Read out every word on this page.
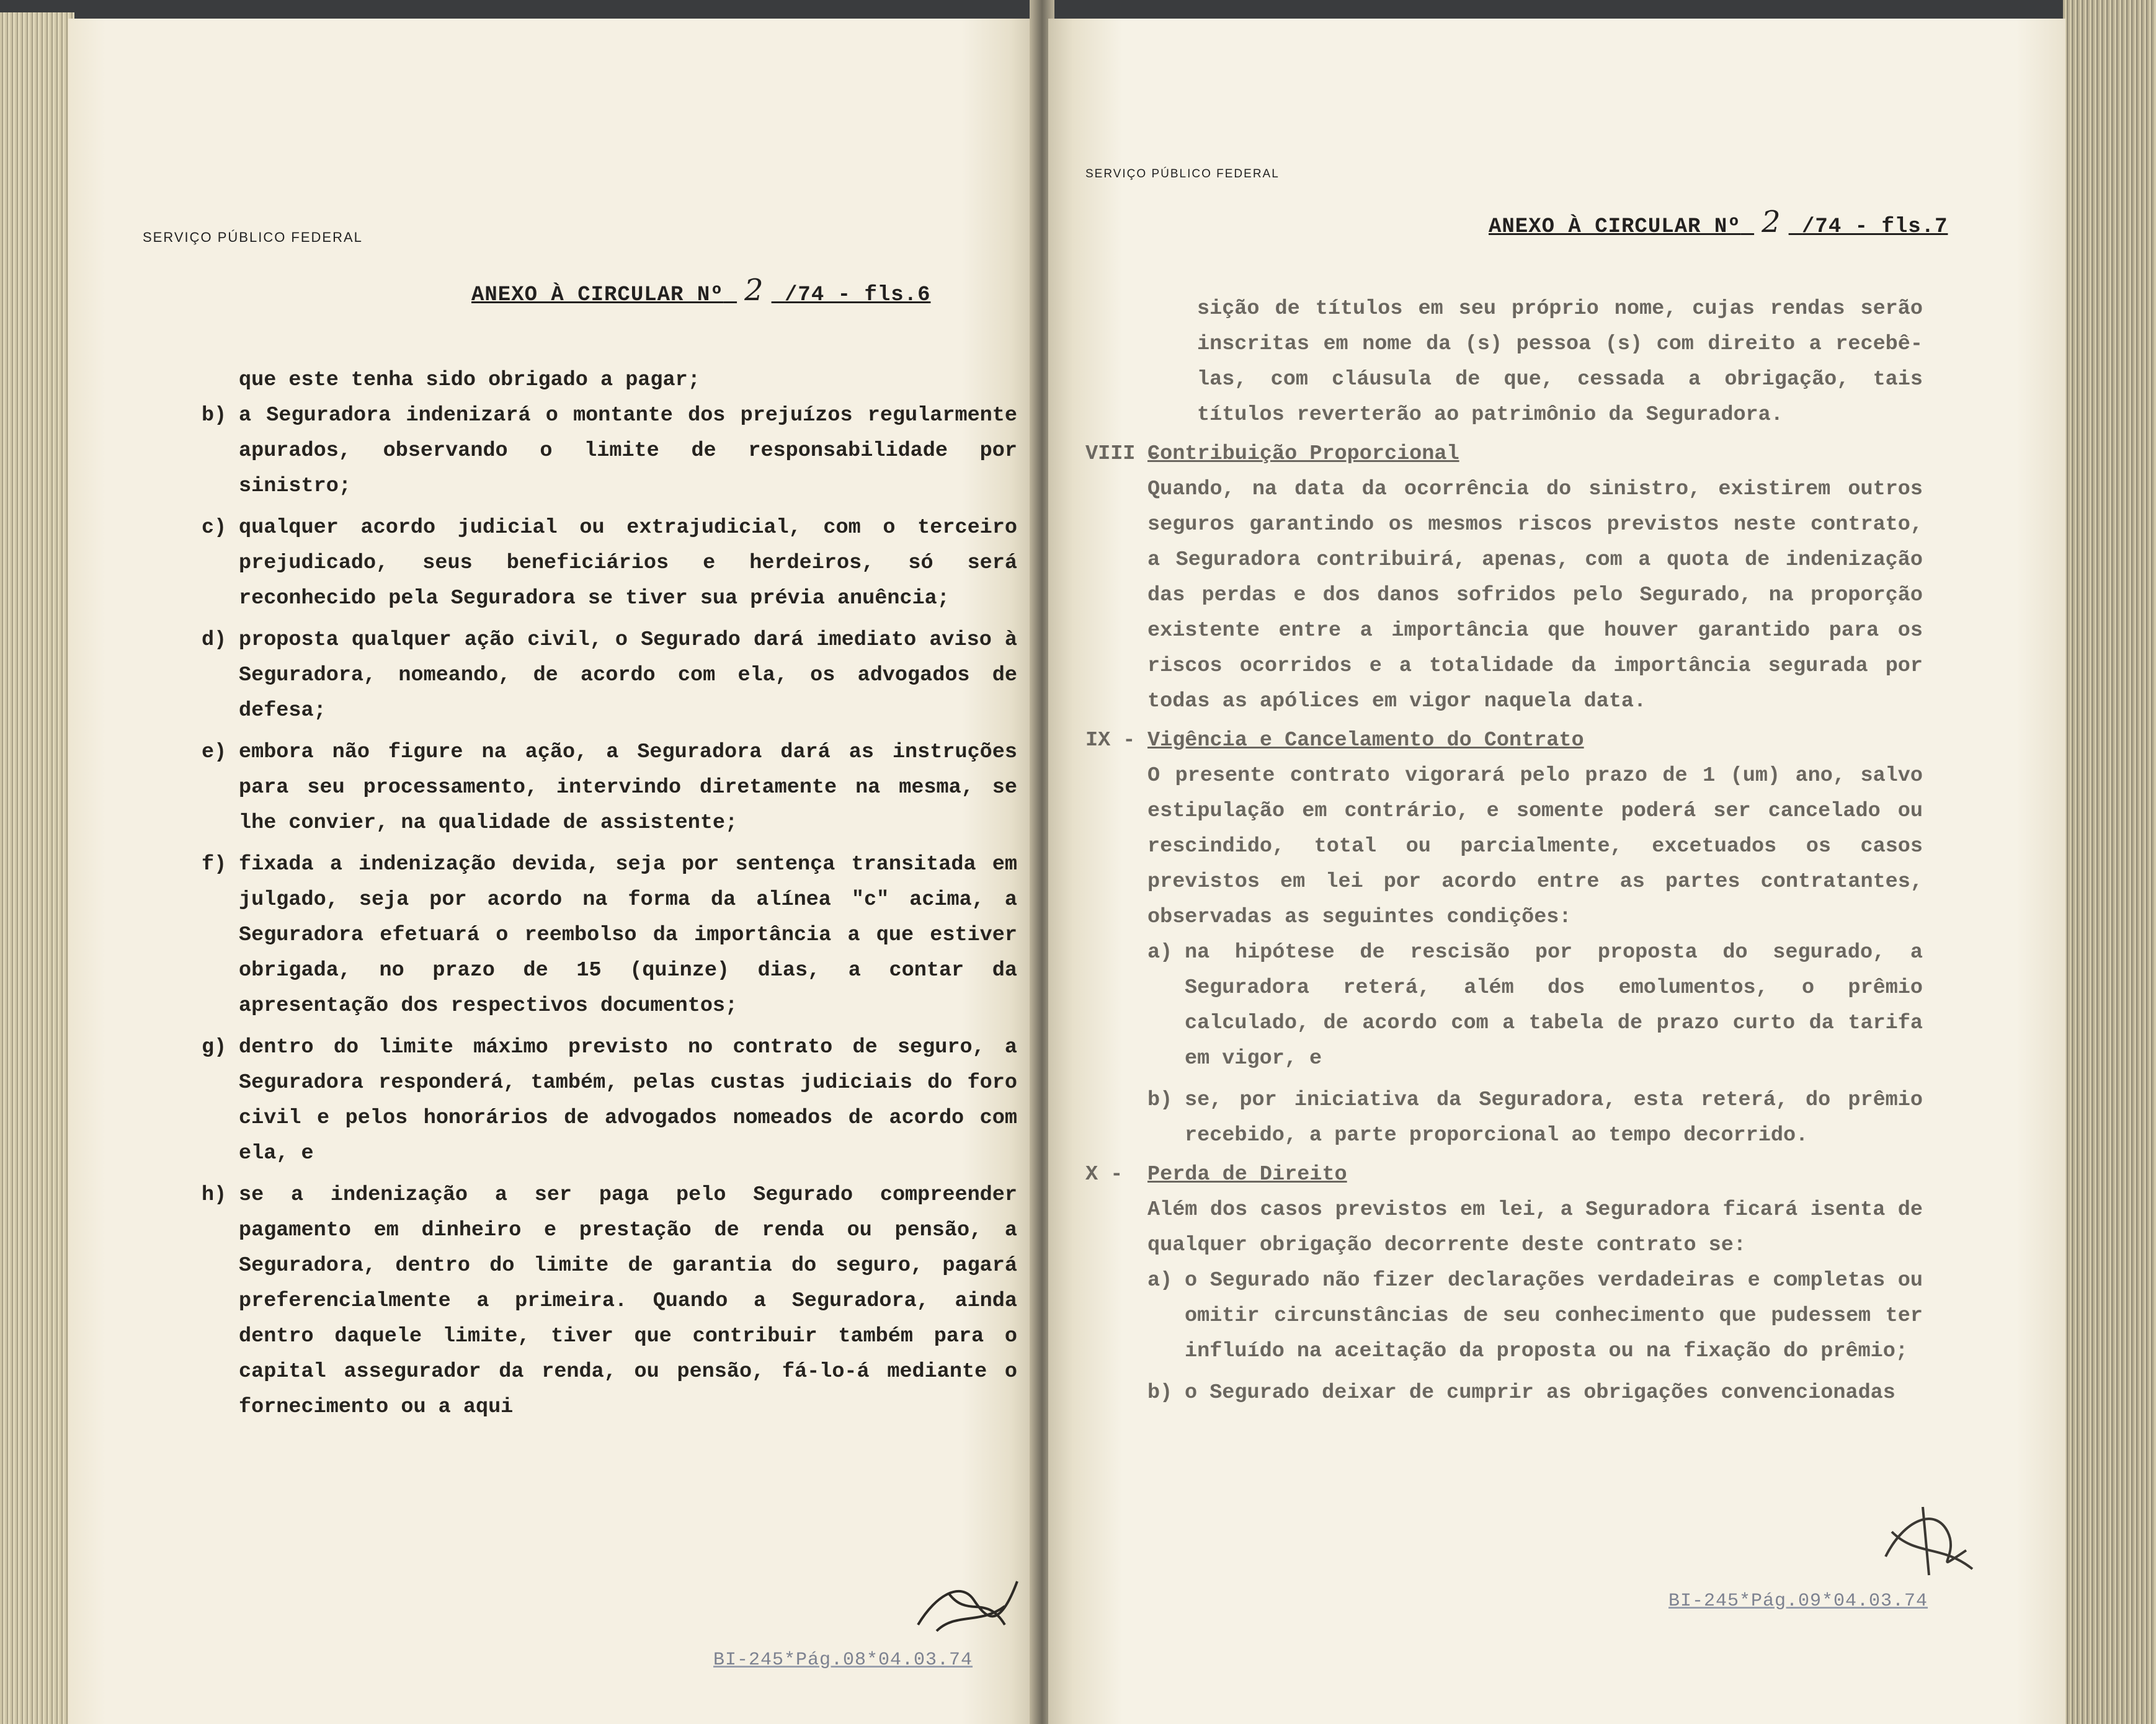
SERVIÇO PÚBLICO FEDERAL
ANEXO À CIRCULAR Nº 2 /74 - fls.6

que este tenha sido obrigado a pagar;

b) a Seguradora indenizará o montante dos prejuízos regularmente apurados, observando o limite de responsabilidade por sinistro;

c) qualquer acordo judicial ou extrajudicial, com o terceiro prejudicado, seus beneficiários e herdeiros, só será reconhecido pela Seguradora se tiver sua prévia anuência;

d) proposta qualquer ação civil, o Segurado dará imediato aviso à Seguradora, nomeando, de acordo com ela, os advogados de defesa;

e) embora não figure na ação, a Seguradora dará as instruções para seu processamento, intervindo diretamente na mesma, se lhe convier, na qualidade de assistente;

f) fixada a indenização devida, seja por sentença transitada em julgado, seja por acordo na forma da alínea "c" acima, a Seguradora efetuará o reembolso da importância a que estiver obrigada, no prazo de 15 (quinze) dias, a contar da apresentação dos respectivos documentos;

g) dentro do limite máximo previsto no contrato de seguro, a Seguradora responderá, também, pelas custas judiciais do foro civil e pelos honorários de advogados nomeados de acordo com ela, e

h) se a indenização a ser paga pelo Segurado compreender pagamento em dinheiro e prestação de renda ou pensão, a Seguradora, dentro do limite de garantia do seguro, pagará preferencialmente a primeira. Quando a Seguradora, ainda dentro daquele limite, tiver que contribuir também para o capital assegurador da renda, ou pensão, fá-lo-á mediante o fornecimento ou a aqui

BI-245*Pág.08*04.03.74
SERVIÇO PÚBLICO FEDERAL
ANEXO À CIRCULAR Nº 2 /74 - fls.7

sição de títulos em seu próprio nome, cujas rendas serão inscritas em nome da (s) pessoa (s) com direito a recebê-las, com cláusula de que, cessada a obrigação, tais títulos reverterão ao patrimônio da Seguradora.

VIII -
Contribuição Proporcional

Quando, na data da ocorrência do sinistro, existirem outros seguros garantindo os mesmos riscos previstos neste contrato, a Seguradora contribuirá, apenas, com a quota de indenização das perdas e dos danos sofridos pelo Segurado, na proporção existente entre a importância que houver garantido para os riscos ocorridos e a totalidade da importância segurada por todas as apólices em vigor naquela data.

IX - Vigência e Cancelamento do Contrato

O presente contrato vigorará pelo prazo de 1 (um) ano, salvo estipulação em contrário, e somente poderá ser cancelado ou rescindido, total ou parcialmente, excetuados os casos previstos em lei por acordo entre as partes contratantes, observadas as seguintes condições:

a) na hipótese de rescisão por proposta do segurado, a Seguradora reterá, além dos emolumentos, o prêmio calculado, de acordo com a tabela de prazo curto da tarifa em vigor, e

b) se, por iniciativa da Seguradora, esta reterá, do prêmio recebido, a parte proporcional ao tempo decorrido.

X - Perda de Direito

Além dos casos previstos em lei, a Seguradora ficará isenta de qualquer obrigação decorrente deste contrato se:

a) o Segurado não fizer declarações verdadeiras e completas ou omitir circunstâncias de seu conhecimento que pudessem ter influído na aceitação da proposta ou na fixação do prêmio;

b) o Segurado deixar de cumprir as obrigações convencionadas

BI-245*Pág.09*04.03.74
